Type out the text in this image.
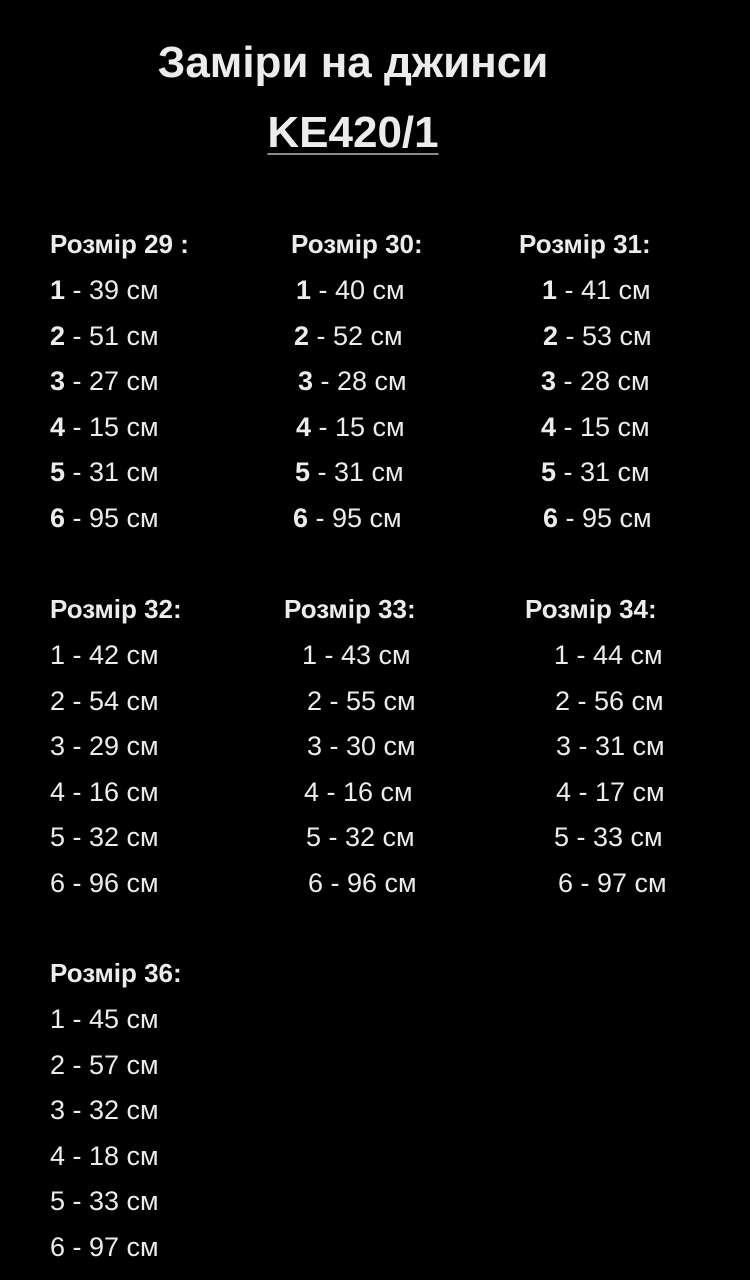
Заміри на джинси
KE420/1
Розмір 29 :
1 - 39 см
2 - 51 см
3 - 27 см
4 - 15 см
5 - 31 см
6 - 95 см
Розмір 30:
1 - 40 см
2 - 52 см
3 - 28 см
4 - 15 см
5 - 31 см
6 - 95 см
Розмір 31:
1 - 41 см
2 - 53 см
3 - 28 см
4 - 15 см
5 - 31 см
6 - 95 см
Розмір 32:
1 - 42 см
2 - 54 см
3 - 29 см
4 - 16 см
5 - 32 см
6 - 96 см
Розмір 33:
1 - 43 см
2 - 55 см
3 - 30 см
4 - 16 см
5 - 32 см
6 - 96 см
Розмір 34:
1 - 44 см
2 - 56 см
3 - 31 см
4 - 17 см
5 - 33 см
6 - 97 см
Розмір 36:
1 - 45 см
2 - 57 см
3 - 32 см
4 - 18 см
5 - 33 см
6 - 97 см
